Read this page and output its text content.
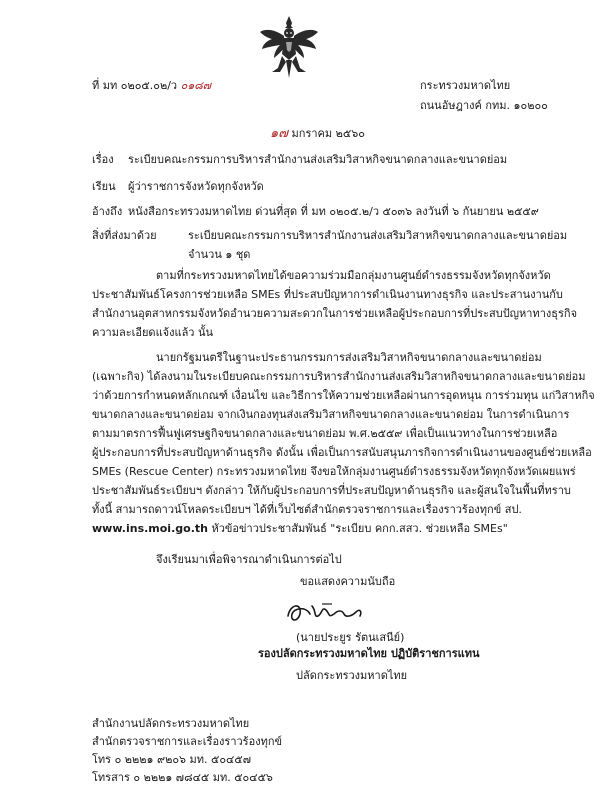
ที่ มท ๐๒๐๕.๐๒/ว ๐๑๘๗	กระทรวงมหาดไทย
ถนนอัษฎางค์ กทม. ๑๐๒๐๐
๑๗ มกราคม ๒๕๖๐
เรื่อง ระเบียบคณะกรรมการบริหารสำนักงานส่งเสริมวิสาหกิจขนาดกลางและขนาดย่อม
เรียน ผู้ว่าราชการจังหวัดทุกจังหวัด
อ้างถึง หนังสือกระทรวงมหาดไทย ด่วนที่สุด ที่ มท ๐๒๐๕.๒/ว ๕๐๓๖ ลงวันที่ ๖ กันยายน ๒๕๕๙
สิ่งที่ส่งมาด้วย	ระเบียบคณะกรรมการบริหารสำนักงานส่งเสริมวิสาหกิจขนาดกลางและขนาดย่อม
จำนวน ๑ ชุด
ตามที่กระทรวงมหาดไทยได้ขอความร่วมมือกลุ่มงานศูนย์ดำรงธรรมจังหวัดทุกจังหวัด
ประชาสัมพันธ์โครงการช่วยเหลือ SMEs ที่ประสบปัญหาการดำเนินงานทางธุรกิจ และประสานงานกับ
สำนักงานอุตสาหกรรมจังหวัดอำนวยความสะดวกในการช่วยเหลือผู้ประกอบการที่ประสบปัญหาทางธุรกิจ
ความละเอียดแจ้งแล้ว นั้น
นายกรัฐมนตรีในฐานะประธานกรรมการส่งเสริมวิสาหกิจขนาดกลางและขนาดย่อม
(เฉพาะกิจ) ได้ลงนามในระเบียบคณะกรรมการบริหารสำนักงานส่งเสริมวิสาหกิจขนาดกลางและขนาดย่อม
ว่าด้วยการกำหนดหลักเกณฑ์ เงื่อนไข และวิธีการให้ความช่วยเหลือผ่านการอุดหนุน การร่วมทุน แก่วิสาหกิจ
ขนาดกลางและขนาดย่อม จากเงินกองทุนส่งเสริมวิสาหกิจขนาดกลางและขนาดย่อม ในการดำเนินการ
ตามมาตรการฟื้นฟูเศรษฐกิจขนาดกลางและขนาดย่อม พ.ศ.๒๕๕๙ เพื่อเป็นแนวทางในการช่วยเหลือ
ผู้ประกอบการที่ประสบปัญหาด้านธุรกิจ ดังนั้น เพื่อเป็นการสนับสนุนภารกิจการดำเนินงานของศูนย์ช่วยเหลือ
SMEs (Rescue Center) กระทรวงมหาดไทย จึงขอให้กลุ่มงานศูนย์ดำรงธรรมจังหวัดทุกจังหวัดเผยแพร่
ประชาสัมพันธ์ระเบียบฯ ดังกล่าว ให้กับผู้ประกอบการที่ประสบปัญหาด้านธุรกิจ และผู้สนใจในพื้นที่ทราบ
ทั้งนี้ สามารถดาวน์โหลดระเบียบฯ ได้ที่เว็บไซต์สำนักตรวจราชการและเรื่องราวร้องทุกข์ สป.
www.ins.moi.go.th หัวข้อข่าวประชาสัมพันธ์ "ระเบียบ คกก.สสว. ช่วยเหลือ SMEs"
จึงเรียนมาเพื่อพิจารณาดำเนินการต่อไป
ขอแสดงความนับถือ
(นายประยูร รัตนเสนีย์)
รองปลัดกระทรวงมหาดไทย ปฏิบัติราชการแทน
ปลัดกระทรวงมหาดไทย
สำนักงานปลัดกระทรวงมหาดไทย
สำนักตรวจราชการและเรื่องราวร้องทุกข์
โทร ๐ ๒๒๒๑ ๙๒๐๖ มท. ๕๐๔๕๗
โทรสาร ๐ ๒๒๒๑ ๗๘๔๕ มท. ๕๐๔๕๖
